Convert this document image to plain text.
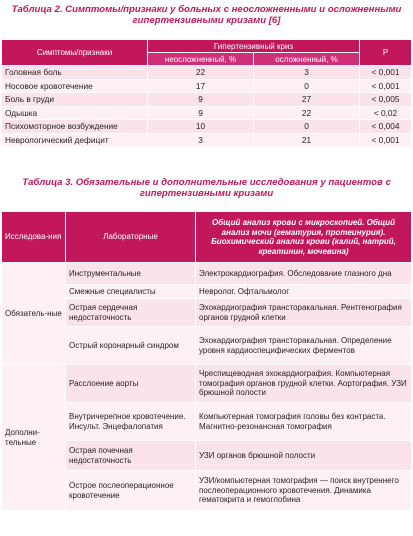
Таблица 2. Симптомы/признаки у больных с неосложненными и осложненными гипертензивными кризами [6]
Симптомы/признаки	Гипертензивный криз		P
	неосложненный, %	осложненный, %	
Головная боль	22	3	< 0,001
Носовое кровотечение	17	0	< 0,001
Боль в груди	9	27	< 0,005
Одышка	9	22	< 0,02
Психомоторное возбуждение	10	0	< 0,004
Неврологический дефицит	3	21	< 0,001
Таблица 3. Обязательные и дополнительные исследования у пациентов с гипертензивными кризами
Исследова-ния	Лабораторные	Общий анализ крови с микроскопией. Общий анализ мочи (гематурия, протеинурия). Биохимический анализ крови (калий, натрий, креатинин, мочевина)
Обязатель-ные	Инструментальные	Электрокардиография. Обследование глазного дна
	Смежные специалисты	Невролог. Офтальмолог
	Острая сердечная недостаточность	Эхокардиография трансторакальная. Рентгенография органов грудной клетки
	Острый коронарный синдром	Эхокардиография трансторакальная. Определение уровня кардиоспецифических ферментов
Дополни-тельные	Расслоение аорты	Чреспищеводная эхокардиография. Компьютерная томография органов грудной клетки. Аортография. УЗИ брюшной полости
	Внутричерепное кровотечение. Инсульт. Энцефалопатия	Компьютерная томография головы без контраста. Магнитно-резонансная томография
	Острая почечная недостаточность	УЗИ органов брюшной полости
	Острое послеоперационное кровотечение	УЗИ/компьютерная томография — поиск внутреннего послеоперационного кровотечения. Динамика гематокрита и гемоглобина
